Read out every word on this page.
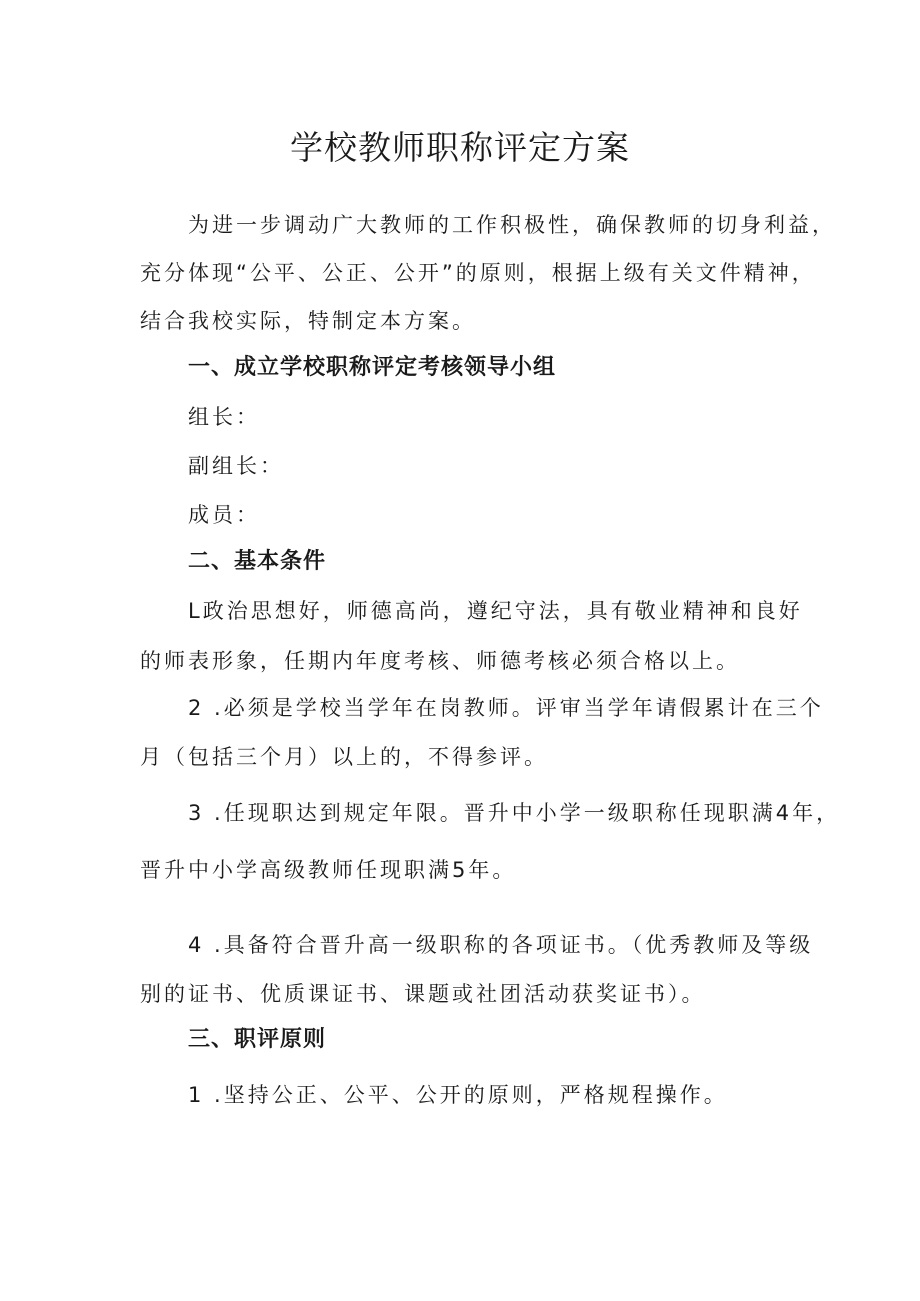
学校教师职称评定方案
为进一步调动广大教师的工作积极性，确保教师的切身利益，
充分体现“公平、公正、公开”的原则，根据上级有关文件精神，
结合我校实际，特制定本方案。
一、成立学校职称评定考核领导小组
组长：
副组长：
成员：
二、基本条件
L政治思想好，师德高尚，遵纪守法，具有敬业精神和良好
的师表形象，任期内年度考核、师德考核必须合格以上。
2 .必须是学校当学年在岗教师。评审当学年请假累计在三个
月（包括三个月）以上的，不得参评。
3 .任现职达到规定年限。晋升中小学一级职称任现职满4年，
晋升中小学高级教师任现职满5年。
4 .具备符合晋升高一级职称的各项证书。（优秀教师及等级
别的证书、优质课证书、课题或社团活动获奖证书）。
三、职评原则
1 .坚持公正、公平、公开的原则，严格规程操作。
